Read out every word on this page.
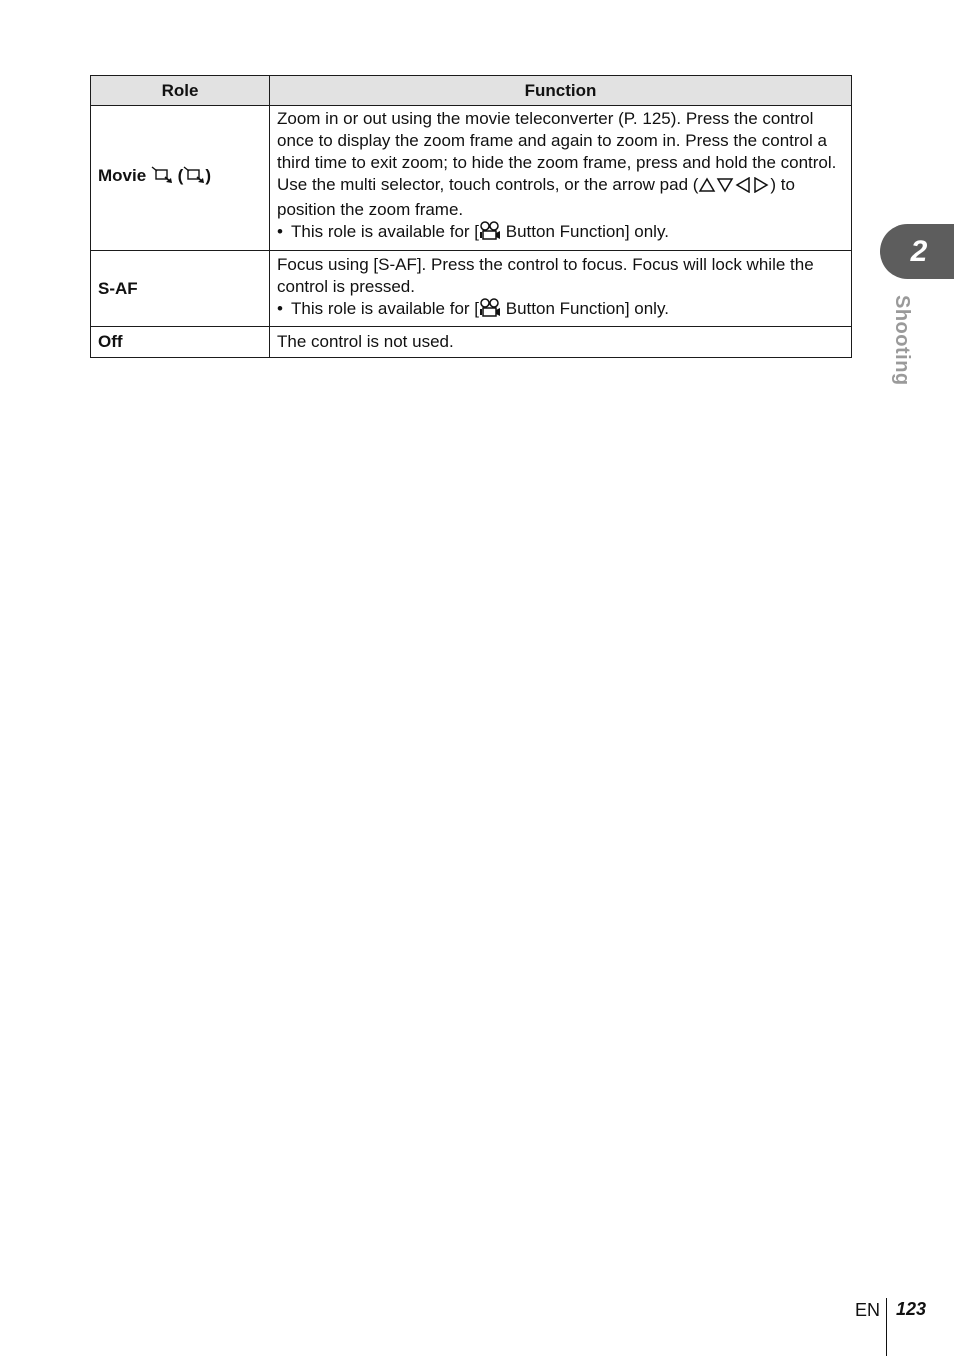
Role	Function
Movie ( )	Zoom in or out using the movie teleconverter (P. 125). Press the control once to display the zoom frame and again to zoom in. Press the control a third time to exit zoom; to hide the zoom frame, press and hold the control. Use the multi selector, touch controls, or the arrow pad ( ) to position the zoom frame.
• This role is available for [ Button Function] only.

S-AF	Focus using [S-AF]. Press the control to focus. Focus will lock while the control is pressed.
• This role is available for [ Button Function] only.

Off	The control is not used.
2
Shooting
EN 123
